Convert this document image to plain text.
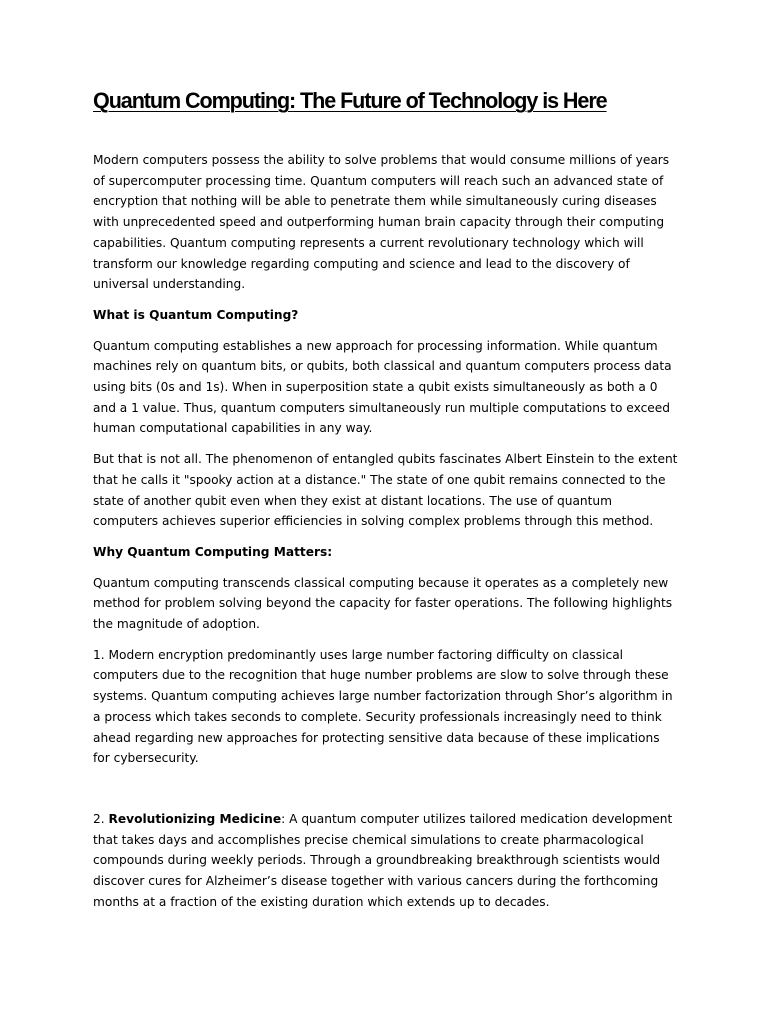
Quantum Computing: The Future of Technology is Here

Modern computers possess the ability to solve problems that would consume millions of years of supercomputer processing time. Quantum computers will reach such an advanced state of encryption that nothing will be able to penetrate them while simultaneously curing diseases with unprecedented speed and outperforming human brain capacity through their computing capabilities. Quantum computing represents a current revolutionary technology which will transform our knowledge regarding computing and science and lead to the discovery of universal understanding.

What is Quantum Computing?

Quantum computing establishes a new approach for processing information. While quantum machines rely on quantum bits, or qubits, both classical and quantum computers process data using bits (0s and 1s). When in superposition state a qubit exists simultaneously as both a 0 and a 1 value. Thus, quantum computers simultaneously run multiple computations to exceed human computational capabilities in any way.

But that is not all. The phenomenon of entangled qubits fascinates Albert Einstein to the extent that he calls it "spooky action at a distance." The state of one qubit remains connected to the state of another qubit even when they exist at distant locations. The use of quantum computers achieves superior efficiencies in solving complex problems through this method.

Why Quantum Computing Matters:

Quantum computing transcends classical computing because it operates as a completely new method for problem solving beyond the capacity for faster operations. The following highlights the magnitude of adoption.

1. Modern encryption predominantly uses large number factoring difficulty on classical computers due to the recognition that huge number problems are slow to solve through these systems. Quantum computing achieves large number factorization through Shor’s algorithm in a process which takes seconds to complete. Security professionals increasingly need to think ahead regarding new approaches for protecting sensitive data because of these implications for cybersecurity.

2. Revolutionizing Medicine: A quantum computer utilizes tailored medication development that takes days and accomplishes precise chemical simulations to create pharmacological compounds during weekly periods. Through a groundbreaking breakthrough scientists would discover cures for Alzheimer’s disease together with various cancers during the forthcoming months at a fraction of the existing duration which extends up to decades.
